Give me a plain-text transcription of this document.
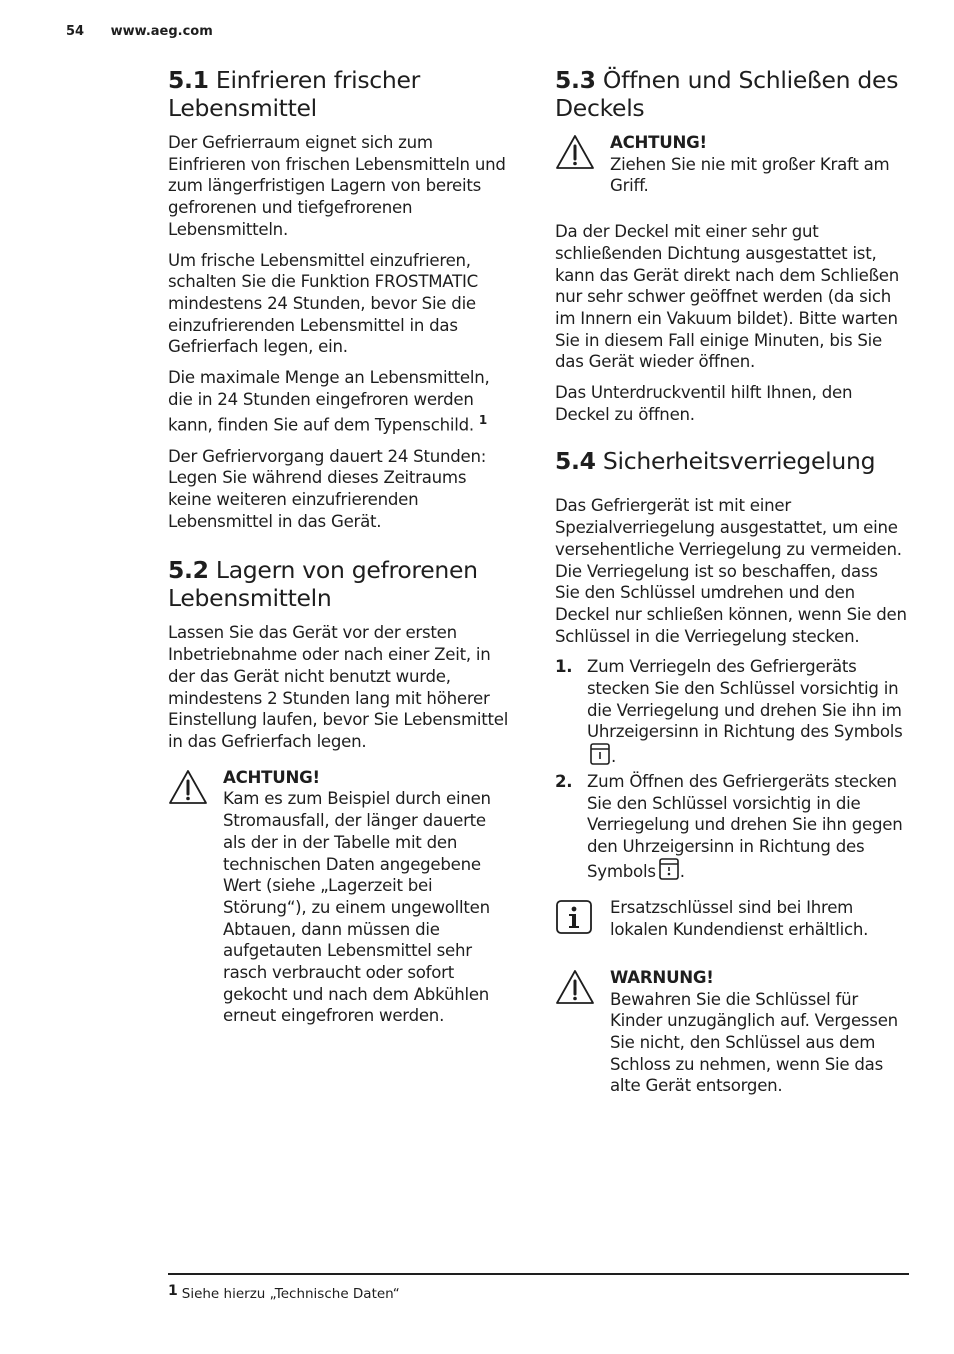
54 www.aeg.com
5.1 Einfrieren frischer Lebensmittel

Der Gefrierraum eignet sich zum Einfrieren von frischen Lebensmitteln und zum längerfristigen Lagern von bereits gefrorenen und tiefgefrorenen Lebensmitteln.

Um frische Lebensmittel einzufrieren, schalten Sie die Funktion FROSTMATIC mindestens 24 Stunden, bevor Sie die einzufrierenden Lebensmittel in das Gefrierfach legen, ein.

Die maximale Menge an Lebensmitteln, die in 24 Stunden eingefroren werden kann, finden Sie auf dem Typenschild. $^1$

Der Gefriervorgang dauert 24 Stunden: Legen Sie während dieses Zeitraums keine weiteren einzufrierenden Lebensmittel in das Gerät.

5.2 Lagern von gefrorenen Lebensmitteln

Lassen Sie das Gerät vor der ersten Inbetriebnahme oder nach einer Zeit, in der das Gerät nicht benutzt wurde, mindestens 2 Stunden lang mit höherer Einstellung laufen, bevor Sie Lebensmittel in das Gefrierfach legen.

ACHTUNG!
Kam es zum Beispiel durch einen Stromausfall, der länger dauerte als der in der Tabelle mit den technischen Daten angegebene Wert (siehe „Lagerzeit bei Störung“), zu einem ungewollten Abtauen, dann müssen die aufgetauten Lebensmittel sehr rasch verbraucht oder sofort gekocht und nach dem Abkühlen erneut eingefroren werden.
5.3 Öffnen und Schließen des Deckels
ACHTUNG!
Ziehen Sie nie mit großer Kraft am Griff.

Da der Deckel mit einer sehr gut schließenden Dichtung ausgestattet ist, kann das Gerät direkt nach dem Schließen nur sehr schwer geöffnet werden (da sich im Innern ein Vakuum bildet). Bitte warten Sie in diesem Fall einige Minuten, bis Sie das Gerät wieder öffnen.

Das Unterdruckventil hilft Ihnen, den Deckel zu öffnen.

5.4 Sicherheitsverriegelung

Das Gefriergerät ist mit einer Spezialverriegelung ausgestattet, um eine versehentliche Verriegelung zu vermeiden. Die Verriegelung ist so beschaffen, dass Sie den Schlüssel umdrehen und den Deckel nur schließen können, wenn Sie den Schlüssel in die Verriegelung stecken.

1. Zum Verriegeln des Gefriergeräts stecken Sie den Schlüssel vorsichtig in die Verriegelung und drehen Sie ihn im Uhrzeigersinn in Richtung des Symbols.
2. Zum Öffnen des Gefriergeräts stecken Sie den Schlüssel vorsichtig in die Verriegelung und drehen Sie ihn gegen den Uhrzeigersinn in Richtung des Symbols .
Ersatzschlüssel sind bei Ihrem lokalen Kundendienst erhältlich.
WARNUNG!
Bewahren Sie die Schlüssel für Kinder unzugänglich auf. Vergessen Sie nicht, den Schlüssel aus dem Schloss zu nehmen, wenn Sie das alte Gerät entsorgen.
1 Siehe hierzu „Technische Daten“
